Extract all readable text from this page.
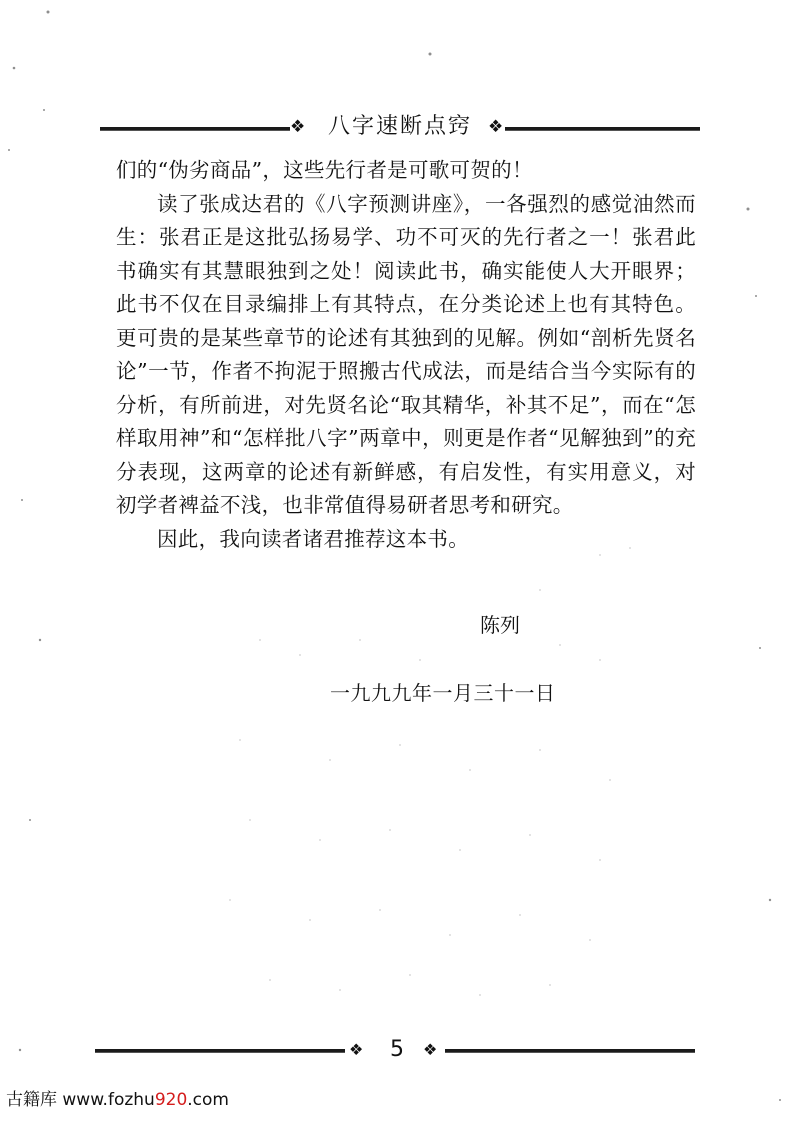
❖	八字速断点窍 ❖

们的“伪劣商品”，这些先行者是可歌可贺的！

读了张成达君的《八字预测讲座》，一各强烈的感觉油然而生：张君正是这批弘扬易学、功不可灭的先行者之一！张君此书确实有其慧眼独到之处！阅读此书，确实能使人大开眼界；此书不仅在目录编排上有其特点，在分类论述上也有其特色。更可贵的是某些章节的论述有其独到的见解。例如“剖析先贤名论”一节，作者不拘泥于照搬古代成法，而是结合当今实际有的分析，有所前进，对先贤名论“取其精华，补其不足”，而在“怎样取用神”和“怎样批八字”两章中，则更是作者“见解独到”的充分表现，这两章的论述有新鲜感，有启发性，有实用意义，对初学者裨益不浅，也非常值得易研者思考和研究。

因此，我向读者诸君推荐这本书。

陈列
一九九九年一月三十一日
❖	5	❖
古籍库 www.fozhu920.com
